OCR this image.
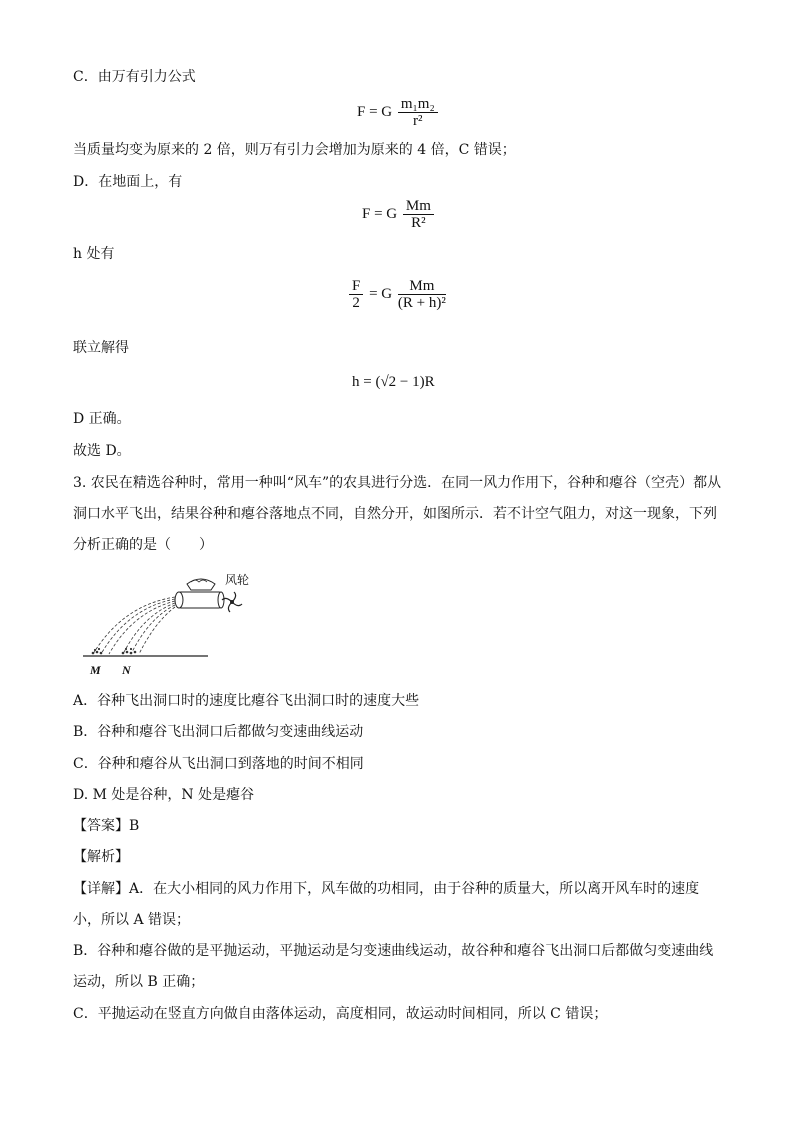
C．由万有引力公式
F = G $\frac{\text{m₁m₂}}{\text{r²}}$
当质量均变为原来的 2 倍，则万有引力会增加为原来的 4 倍，C 错误；
D．在地面上，有
F = G $\frac{Mm}{\text{R²}}$
h 处有
$\frac{F}{2} = G \frac{Mm}{\text{(R + h)²}}$
联立解得
h = (√2 − 1)R
D 正确。
故选 D。
3. 农民在精选谷种时，常用一种叫“风车”的农具进行分选．在同一风力作用下，谷种和瘪谷（空壳）都从
洞口水平飞出，结果谷种和瘪谷落地点不同，自然分开，如图所示．若不计空气阻力，对这一现象，下列
分析正确的是（　　）
风轮
M N
A．谷种飞出洞口时的速度比瘪谷飞出洞口时的速度大些
B．谷种和瘪谷飞出洞口后都做匀变速曲线运动
C．谷种和瘪谷从飞出洞口到落地的时间不相同
D. M 处是谷种，N 处是瘪谷
【答案】B
【解析】
【详解】A．在大小相同的风力作用下，风车做的功相同，由于谷种的质量大，所以离开风车时的速度
小，所以 A 错误；
B．谷种和瘪谷做的是平抛运动，平抛运动是匀变速曲线运动，故谷种和瘪谷飞出洞口后都做匀变速曲线
运动，所以 B 正确；
C．平抛运动在竖直方向做自由落体运动，高度相同，故运动时间相同，所以 C 错误；
